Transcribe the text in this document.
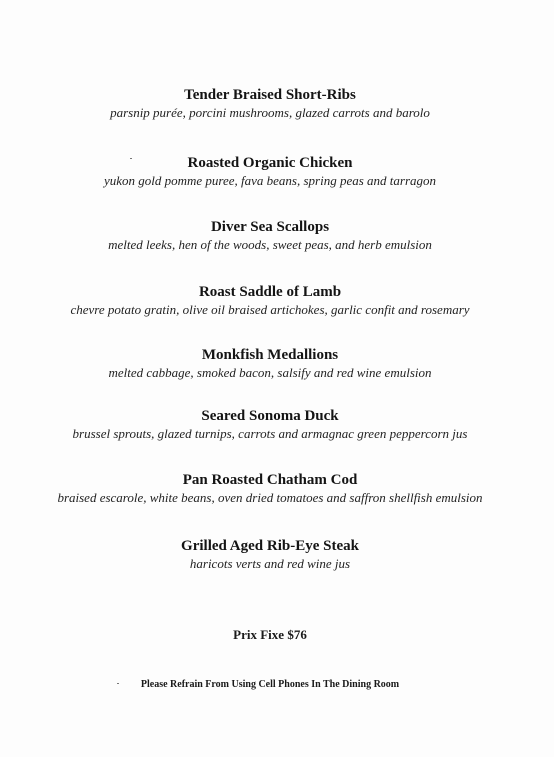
Tender Braised Short-Ribs
parsnip purée, porcini mushrooms, glazed carrots and barolo
Roasted Organic Chicken
yukon gold pomme puree, fava beans, spring peas and tarragon
Diver Sea Scallops
melted leeks, hen of the woods, sweet peas, and herb emulsion
Roast Saddle of Lamb
chevre potato gratin, olive oil braised artichokes, garlic confit and rosemary
Monkfish Medallions
melted cabbage, smoked bacon, salsify and red wine emulsion
Seared Sonoma Duck
brussel sprouts, glazed turnips, carrots and armagnac green peppercorn jus
Pan Roasted Chatham Cod
braised escarole, white beans, oven dried tomatoes and saffron shellfish emulsion
Grilled Aged Rib-Eye Steak
haricots verts and red wine jus
Prix Fixe $76
Please Refrain From Using Cell Phones In The Dining Room
